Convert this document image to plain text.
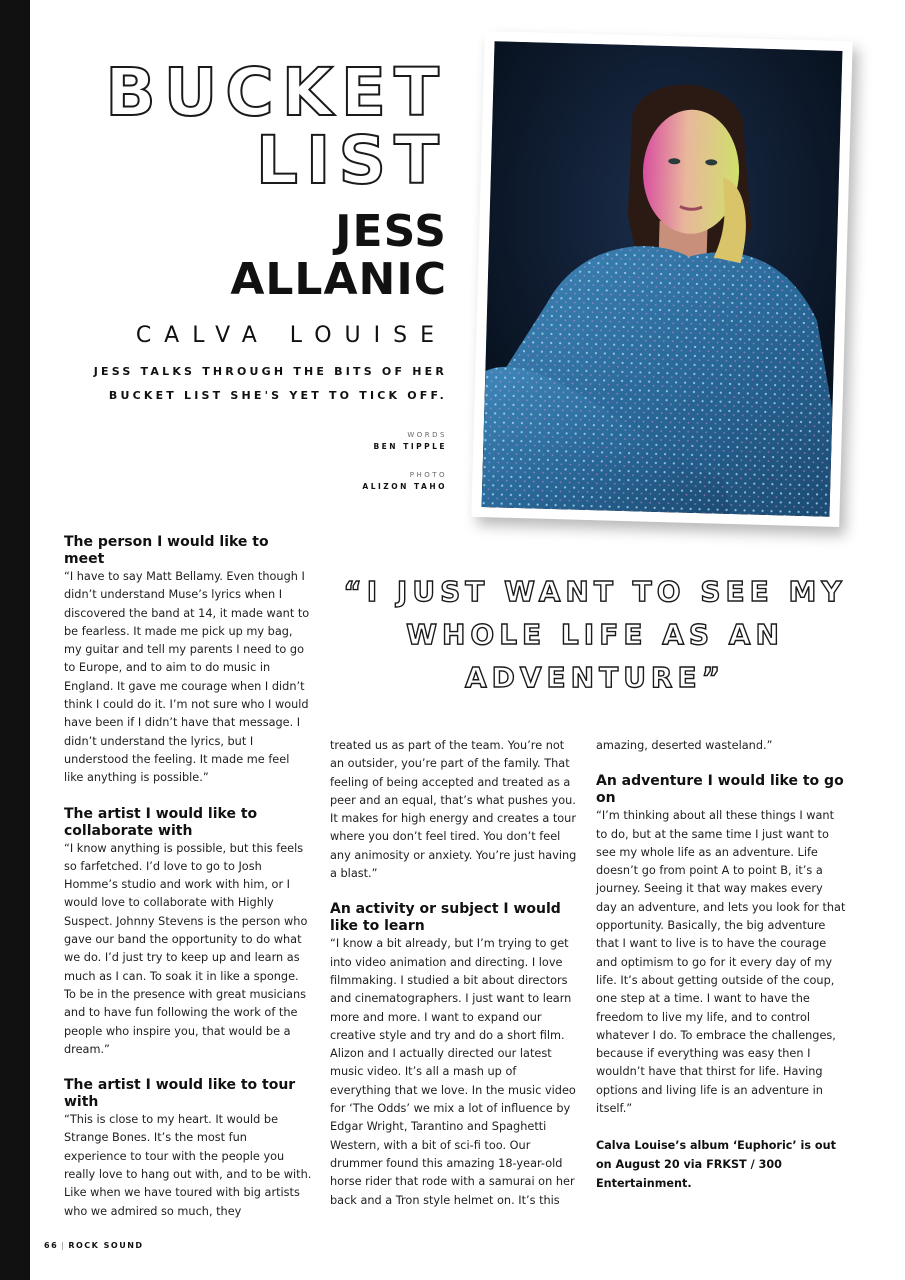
BUCKET
LIST
JESS
ALLANIC
CALVA LOUISE
JESS TALKS THROUGH THE BITS OF HER BUCKET LIST SHE'S YET TO TICK OFF.
WORDS
BEN TIPPLE
PHOTO
ALIZON TAHO
“I JUST WANT TO SEE MY WHOLE LIFE AS AN ADVENTURE”
The person I would like to meet

“I have to say Matt Bellamy. Even though I didn’t understand Muse’s lyrics when I discovered the band at 14, it made want to be fearless. It made me pick up my bag, my guitar and tell my parents I need to go to Europe, and to aim to do music in England. It gave me courage when I didn’t think I could do it. I’m not sure who I would have been if I didn’t have that message. I didn’t understand the lyrics, but I understood the feeling. It made me feel like anything is possible.”

The artist I would like to collaborate with

“I know anything is possible, but this feels so farfetched. I’d love to go to Josh Homme’s studio and work with him, or I would love to collaborate with Highly Suspect. Johnny Stevens is the person who gave our band the opportunity to do what we do. I’d just try to keep up and learn as much as I can. To soak it in like a sponge. To be in the presence with great musicians and to have fun following the work of the people who inspire you, that would be a dream.”

The artist I would like to tour with

“This is close to my heart. It would be Strange Bones. It’s the most fun experience to tour with the people you really love to hang out with, and to be with. Like when we have toured with big artists who we admired so much, they

treated us as part of the team. You’re not an outsider, you’re part of the family. That feeling of being accepted and treated as a peer and an equal, that’s what pushes you. It makes for high energy and creates a tour where you don’t feel tired. You don’t feel any animosity or anxiety. You’re just having a blast.”

An activity or subject I would like to learn

“I know a bit already, but I’m trying to get into video animation and directing. I love filmmaking. I studied a bit about directors and cinematographers. I just want to learn more and more. I want to expand our creative style and try and do a short film. Alizon and I actually directed our latest music video. It’s all a mash up of everything that we love. In the music video for ‘The Odds’ we mix a lot of influence by Edgar Wright, Tarantino and Spaghetti Western, with a bit of sci-fi too. Our drummer found this amazing 18-year-old horse rider that rode with a samurai on her back and a Tron style helmet on. It’s this

amazing, deserted wasteland.”

An adventure I would like to go on

“I’m thinking about all these things I want to do, but at the same time I just want to see my whole life as an adventure. Life doesn’t go from point A to point B, it’s a journey. Seeing it that way makes every day an adventure, and lets you look for that opportunity. Basically, the big adventure that I want to live is to have the courage and optimism to go for it every day of my life. It’s about getting outside of the coup, one step at a time. I want to have the freedom to live my life, and to control whatever I do. To embrace the challenges, because if everything was easy then I wouldn’t have that thirst for life. Having options and living life is an adventure in itself.”

Calva Louise’s album ‘Euphoric’ is out on August 20 via FRKST / 300 Entertainment.

66 | ROCK SOUND
